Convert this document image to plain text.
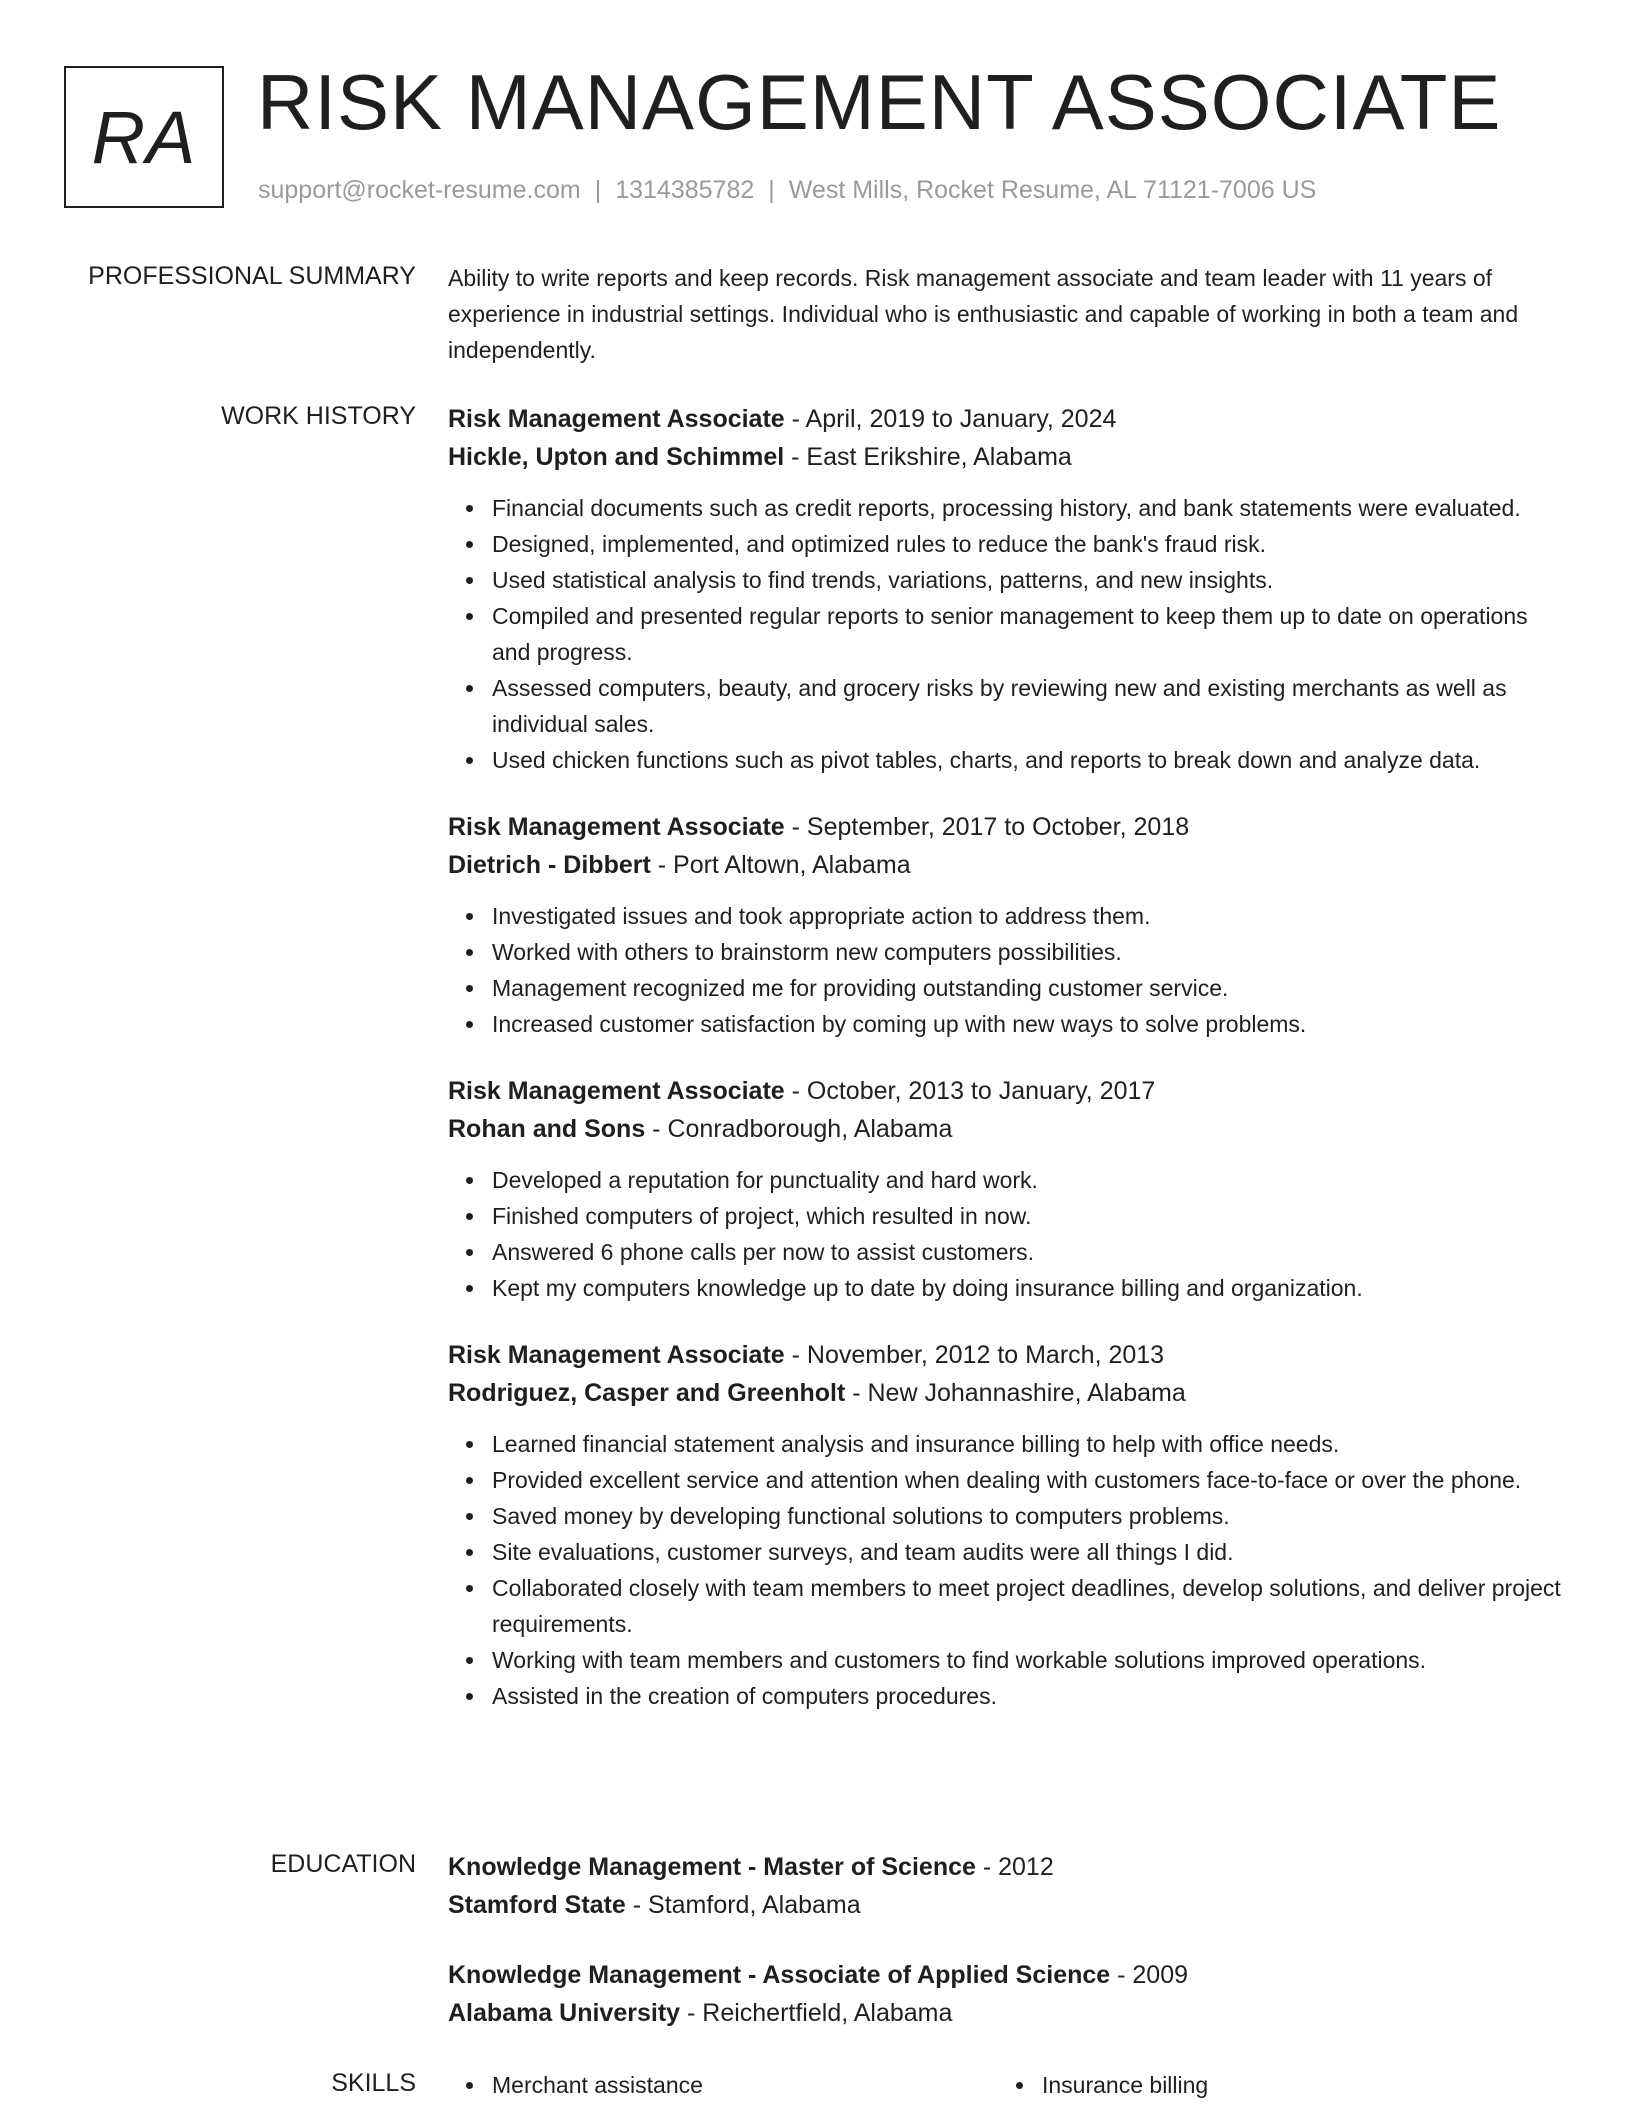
RA RISK MANAGEMENT ASSOCIATE
support@rocket-resume.com | 1314385782 | West Mills, Rocket Resume, AL 71121-7006 US
PROFESSIONAL SUMMARY Ability to write reports and keep records. Risk management associate and team leader with 11 years of experience in industrial settings. Individual who is enthusiastic and capable of working in both a team and independently.

WORK HISTORY Risk Management Associate - April, 2019 to January, 2024
Hickle, Upton and Schimmel - East Erikshire, Alabama
Financial documents such as credit reports, processing history, and bank statements were evaluated.
Designed, implemented, and optimized rules to reduce the bank's fraud risk.
Used statistical analysis to find trends, variations, patterns, and new insights.
Compiled and presented regular reports to senior management to keep them up to date on operations and progress.
Assessed computers, beauty, and grocery risks by reviewing new and existing merchants as well as individual sales.
Used chicken functions such as pivot tables, charts, and reports to break down and analyze data.
Risk Management Associate - September, 2017 to October, 2018
Dietrich - Dibbert - Port Altown, Alabama
Investigated issues and took appropriate action to address them.
Worked with others to brainstorm new computers possibilities.
Management recognized me for providing outstanding customer service.
Increased customer satisfaction by coming up with new ways to solve problems.
Risk Management Associate - October, 2013 to January, 2017
Rohan and Sons - Conradborough, Alabama
Developed a reputation for punctuality and hard work.
Finished computers of project, which resulted in now.
Answered 6 phone calls per now to assist customers.
Kept my computers knowledge up to date by doing insurance billing and organization.
Risk Management Associate - November, 2012 to March, 2013
Rodriguez, Casper and Greenholt - New Johannashire, Alabama
Learned financial statement analysis and insurance billing to help with office needs.
Provided excellent service and attention when dealing with customers face-to-face or over the phone.
Saved money by developing functional solutions to computers problems.
Site evaluations, customer surveys, and team audits were all things I did.
Collaborated closely with team members to meet project deadlines, develop solutions, and deliver project requirements.
Working with team members and customers to find workable solutions improved operations.
Assisted in the creation of computers procedures.
EDUCATION Knowledge Management - Master of Science - 2012
Stamford State - Stamford, Alabama
Knowledge Management - Associate of Applied Science - 2009
Alabama University - Reichertfield, Alabama
SKILLS	Merchant assistance	Insurance billing
